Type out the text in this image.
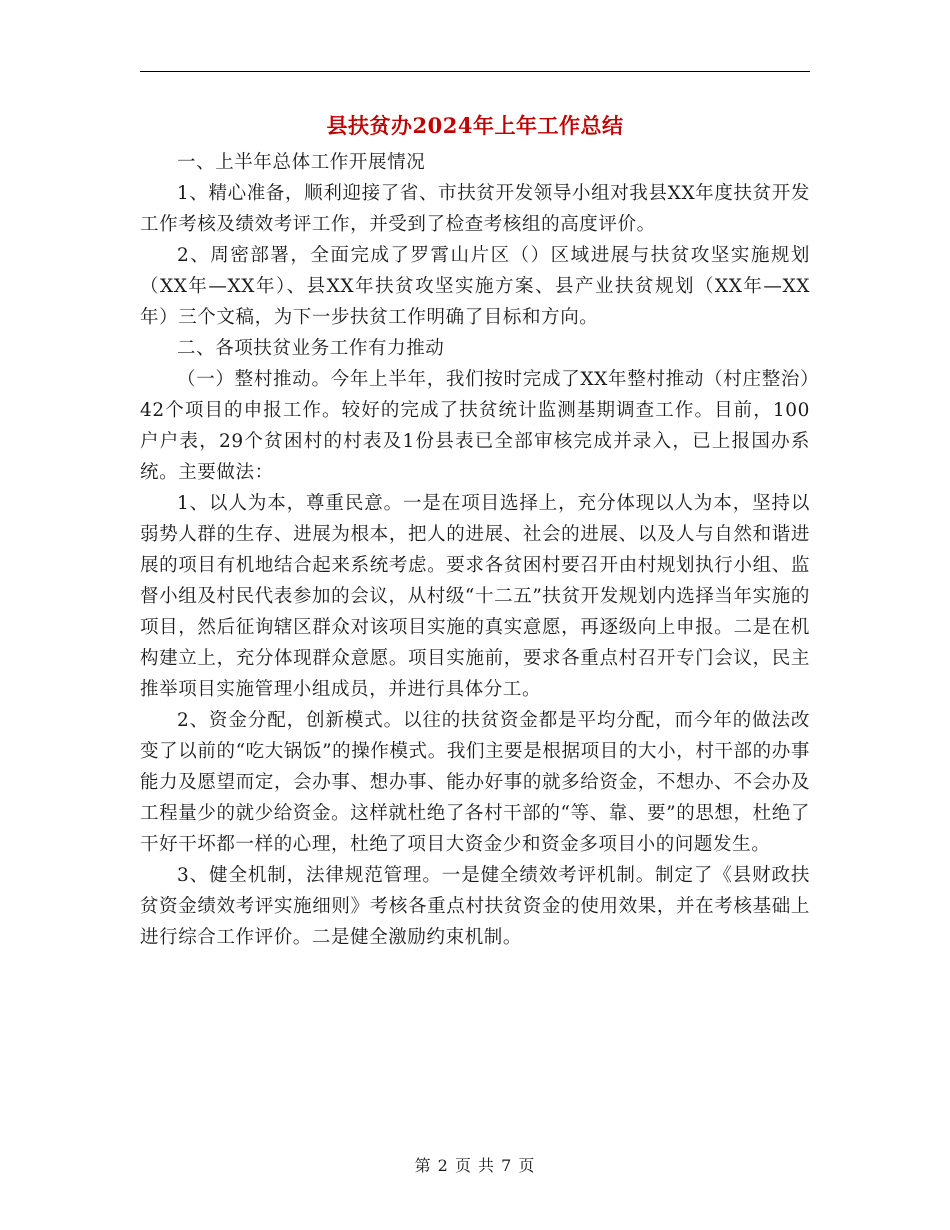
县扶贫办2024年上年工作总结

一、上半年总体工作开展情况

1、精心准备，顺利迎接了省、市扶贫开发领导小组对我县XX年度扶贫开发工作考核及绩效考评工作，并受到了检查考核组的高度评价。

2、周密部署，全面完成了罗霄山片区（）区域进展与扶贫攻坚实施规划（XX年—XX年）、县XX年扶贫攻坚实施方案、县产业扶贫规划（XX年—XX年）三个文稿，为下一步扶贫工作明确了目标和方向。

二、各项扶贫业务工作有力推动

（一）整村推动。今年上半年，我们按时完成了XX年整村推动（村庄整治）42个项目的申报工作。较好的完成了扶贫统计监测基期调查工作。目前，100户户表，29个贫困村的村表及1份县表已全部审核完成并录入，已上报国办系统。主要做法：

1、以人为本，尊重民意。一是在项目选择上，充分体现以人为本，坚持以弱势人群的生存、进展为根本，把人的进展、社会的进展、以及人与自然和谐进展的项目有机地结合起来系统考虑。要求各贫困村要召开由村规划执行小组、监督小组及村民代表参加的会议，从村级“十二五”扶贫开发规划内选择当年实施的项目，然后征询辖区群众对该项目实施的真实意愿，再逐级向上申报。二是在机构建立上，充分体现群众意愿。项目实施前，要求各重点村召开专门会议，民主推举项目实施管理小组成员，并进行具体分工。

2、资金分配，创新模式。以往的扶贫资金都是平均分配，而今年的做法改变了以前的“吃大锅饭”的操作模式。我们主要是根据项目的大小，村干部的办事能力及愿望而定，会办事、想办事、能办好事的就多给资金，不想办、不会办及工程量少的就少给资金。这样就杜绝了各村干部的“等、靠、要”的思想，杜绝了干好干坏都一样的心理，杜绝了项目大资金少和资金多项目小的问题发生。

3、健全机制，法律规范管理。一是健全绩效考评机制。制定了《县财政扶贫资金绩效考评实施细则》考核各重点村扶贫资金的使用效果，并在考核基础上进行综合工作评价。二是健全激励约束机制。

第 2 页 共 7 页
